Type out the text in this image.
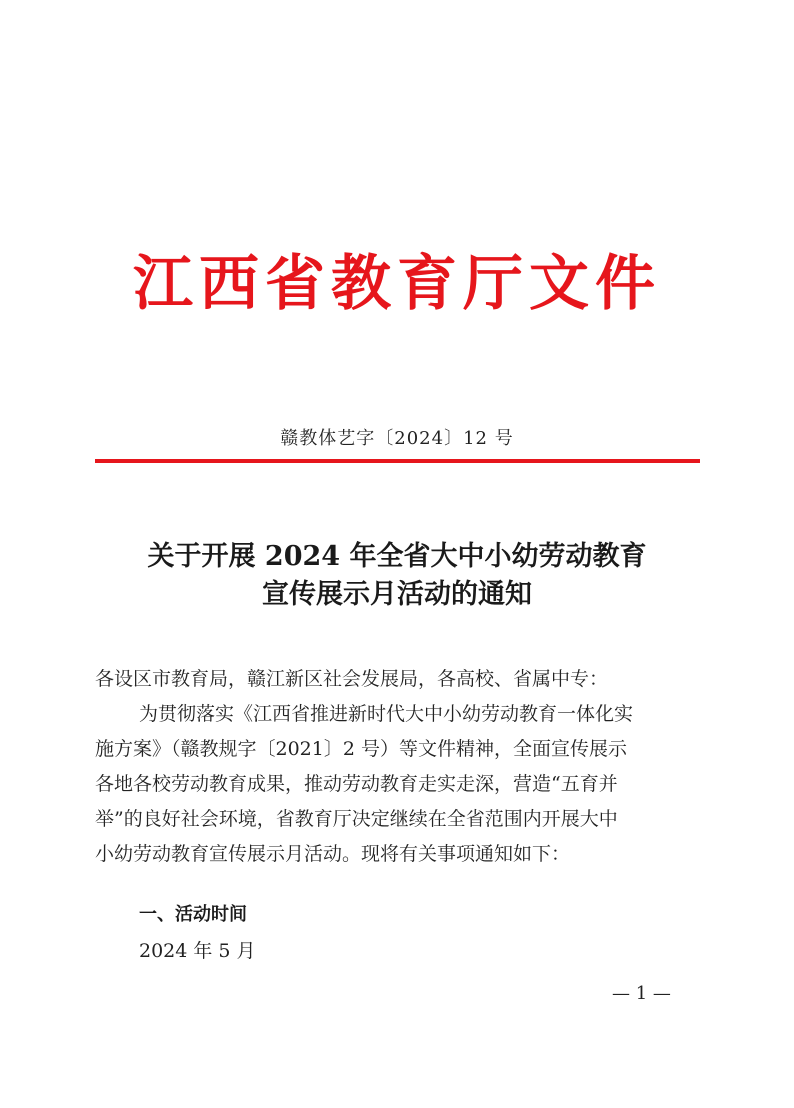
江西省教育厅文件
赣教体艺字〔2024〕12 号
关于开展 2024 年全省大中小幼劳动教育
宣传展示月活动的通知

各设区市教育局，赣江新区社会发展局，各高校、省属中专：

为贯彻落实《江西省推进新时代大中小幼劳动教育一体化实

施方案》（赣教规字〔2021〕2 号）等文件精神，全面宣传展示

各地各校劳动教育成果，推动劳动教育走实走深，营造“五育并

举”的良好社会环境，省教育厅决定继续在全省范围内开展大中

小幼劳动教育宣传展示月活动。现将有关事项通知如下：

一、活动时间
2024 年 5 月
— 1 —
